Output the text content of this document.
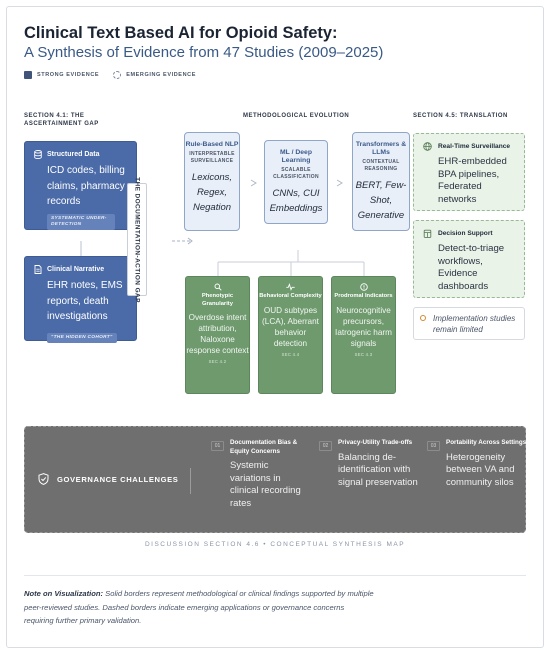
Clinical Text Based AI for Opioid Safety:
A Synthesis of Evidence from 47 Studies (2009–2025)
STRONG EVIDENCE	EMERGING EVIDENCE
SECTION 4.1: THE ASCERTAINMENT GAP
METHODOLOGICAL EVOLUTION	SECTION 4.5: TRANSLATION
Structured Data
ICD codes, billing claims, pharmacy records
SYSTEMATIC UNDER-DETECTION
Clinical Narrative
EHR notes, EMS reports, death investigations
"THE HIDDEN COHORT"
THE DOCUMENTATION-ACTION GAP
Rule-Based NLP
INTERPRETABLE SURVEILLANCE
Lexicons, Regex, Negation
ML / Deep Learning
SCALABLE CLASSIFICATION
CNNs, CUI Embeddings
Transformers & LLMs
CONTEXTUAL REASONING
BERT, Few-Shot, Generative
Phenotypic Granularity
Overdose intent attribution, Naloxone response context
SEC 4.2
Behavioral Complexity
OUD subtypes (LCA), Aberrant behavior detection
SEC 4.4
Prodromal Indicators
Neurocognitive precursors, Iatrogenic harm signals
SEC 4.3
Real-Time Surveillance
EHR-embedded BPA pipelines, Federated networks
Decision Support
Detect-to-triage workflows, Evidence dashboards
Implementation studies remain limited
GOVERNANCE CHALLENGES
01	Documentation Bias & Equity Concerns
Systemic variations in clinical recording rates
02	Privacy-Utility Trade-offs
Balancing de-identification with signal preservation
03	Portability Across Settings
Heterogeneity between VA and community silos
DISCUSSION SECTION 4.6 • CONCEPTUAL SYNTHESIS MAP
Note on Visualization: Solid borders represent methodological or clinical findings supported by multiple peer-reviewed studies. Dashed borders indicate emerging applications or governance concerns requiring further primary validation.
